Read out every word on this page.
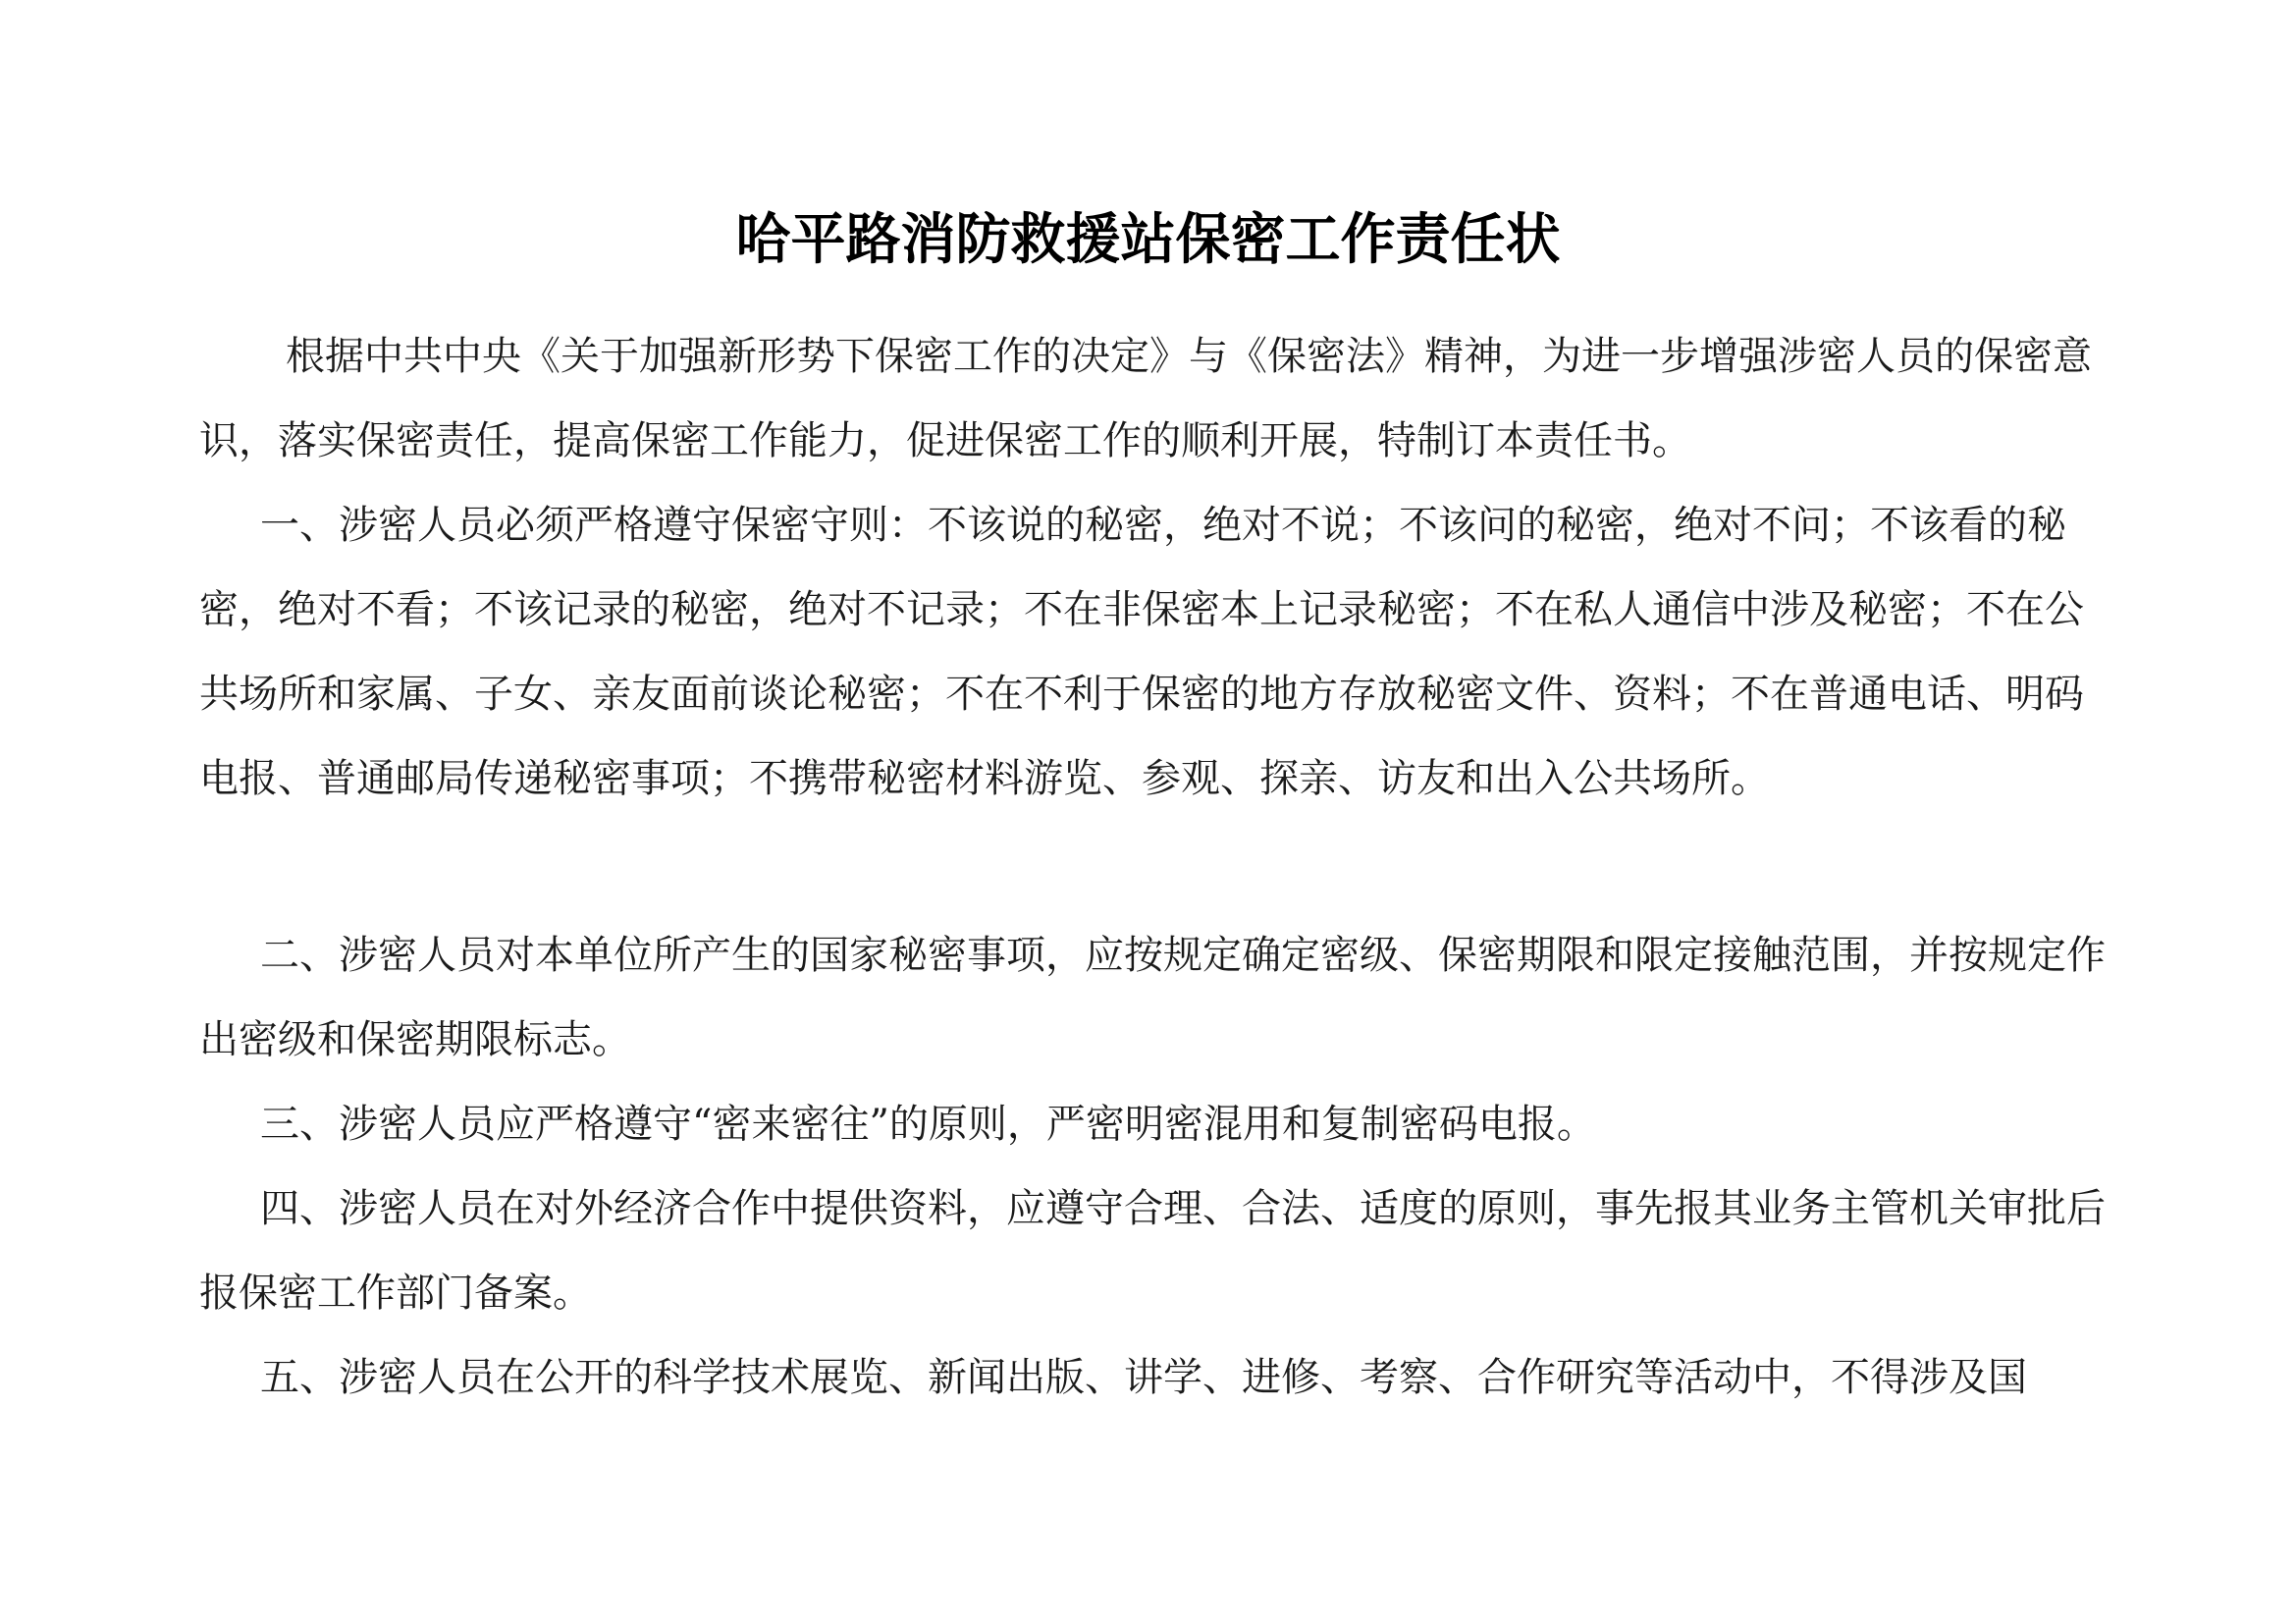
哈平路消防救援站保密工作责任状

根据中共中央《关于加强新形势下保密工作的决定》与《保密法》精神，为进一步增强涉密人员的保密意识，落实保密责任，提高保密工作能力，促进保密工作的顺利开展，特制订本责任书。

一、涉密人员必须严格遵守保密守则：不该说的秘密，绝对不说；不该问的秘密，绝对不问；不该看的秘密，绝对不看；不该记录的秘密，绝对不记录；不在非保密本上记录秘密；不在私人通信中涉及秘密；不在公共场所和家属、子女、亲友面前谈论秘密；不在不利于保密的地方存放秘密文件、资料；不在普通电话、明码电报、普通邮局传递秘密事项；不携带秘密材料游览、参观、探亲、访友和出入公共场所。

二、涉密人员对本单位所产生的国家秘密事项，应按规定确定密级、保密期限和限定接触范围，并按规定作出密级和保密期限标志。

三、涉密人员应严格遵守“密来密往”的原则，严密明密混用和复制密码电报。

四、涉密人员在对外经济合作中提供资料，应遵守合理、合法、适度的原则，事先报其业务主管机关审批后报保密工作部门备案。

五、涉密人员在公开的科学技术展览、新闻出版、讲学、进修、考察、合作研究等活动中，不得涉及国
